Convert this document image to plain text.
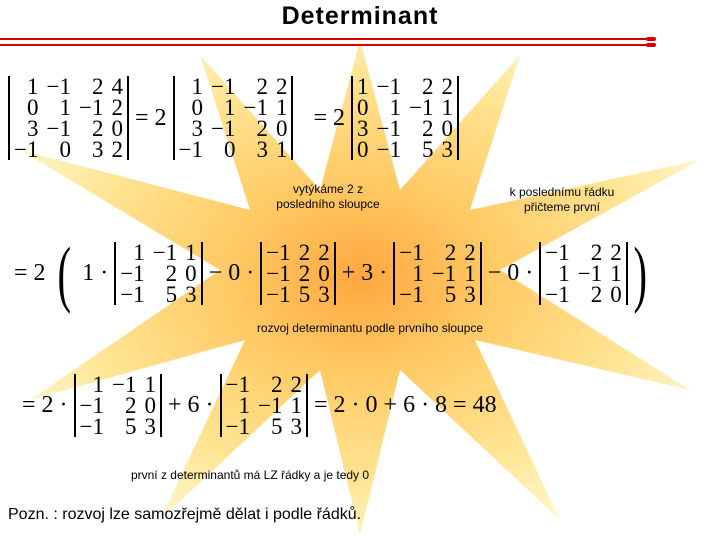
Determinant
1 −1 2 4
0 1 −1 2
3 −1 2 0
−1 0 3 2
= 2
1 −1 2 2
0 1 −1 1
3 −1 2 0
−1 0 3 1
= 2
1 −1 2 2
0 1 −1 1
3 −1 2 0
0 −1 5 3
vytýkáme 2 z posledního sloupce
k poslednímu řádku přičteme první
= 2 ( 1 ·
1 −1 1
−1 2 0
−1 5 3
− 0 ·
−1 2 2
−1 2 0
−1 5 3
+ 3 ·
−1 2 2
1 −1 1
−1 5 3
− 0 ·
−1 2 2
1 −1 1
−1 2 0 )
rozvoj determinantu podle prvního sloupce
= 2 ·
1 −1 1
−1 2 0
−1 5 3
+ 6 ·
−1 2 2
1 −1 1
−1 5 3
= 2 · 0 + 6 · 8 = 48
první z determinantů má LZ řádky a je tedy 0
Pozn. : rozvoj lze samozřejmě dělat i podle řádků.
